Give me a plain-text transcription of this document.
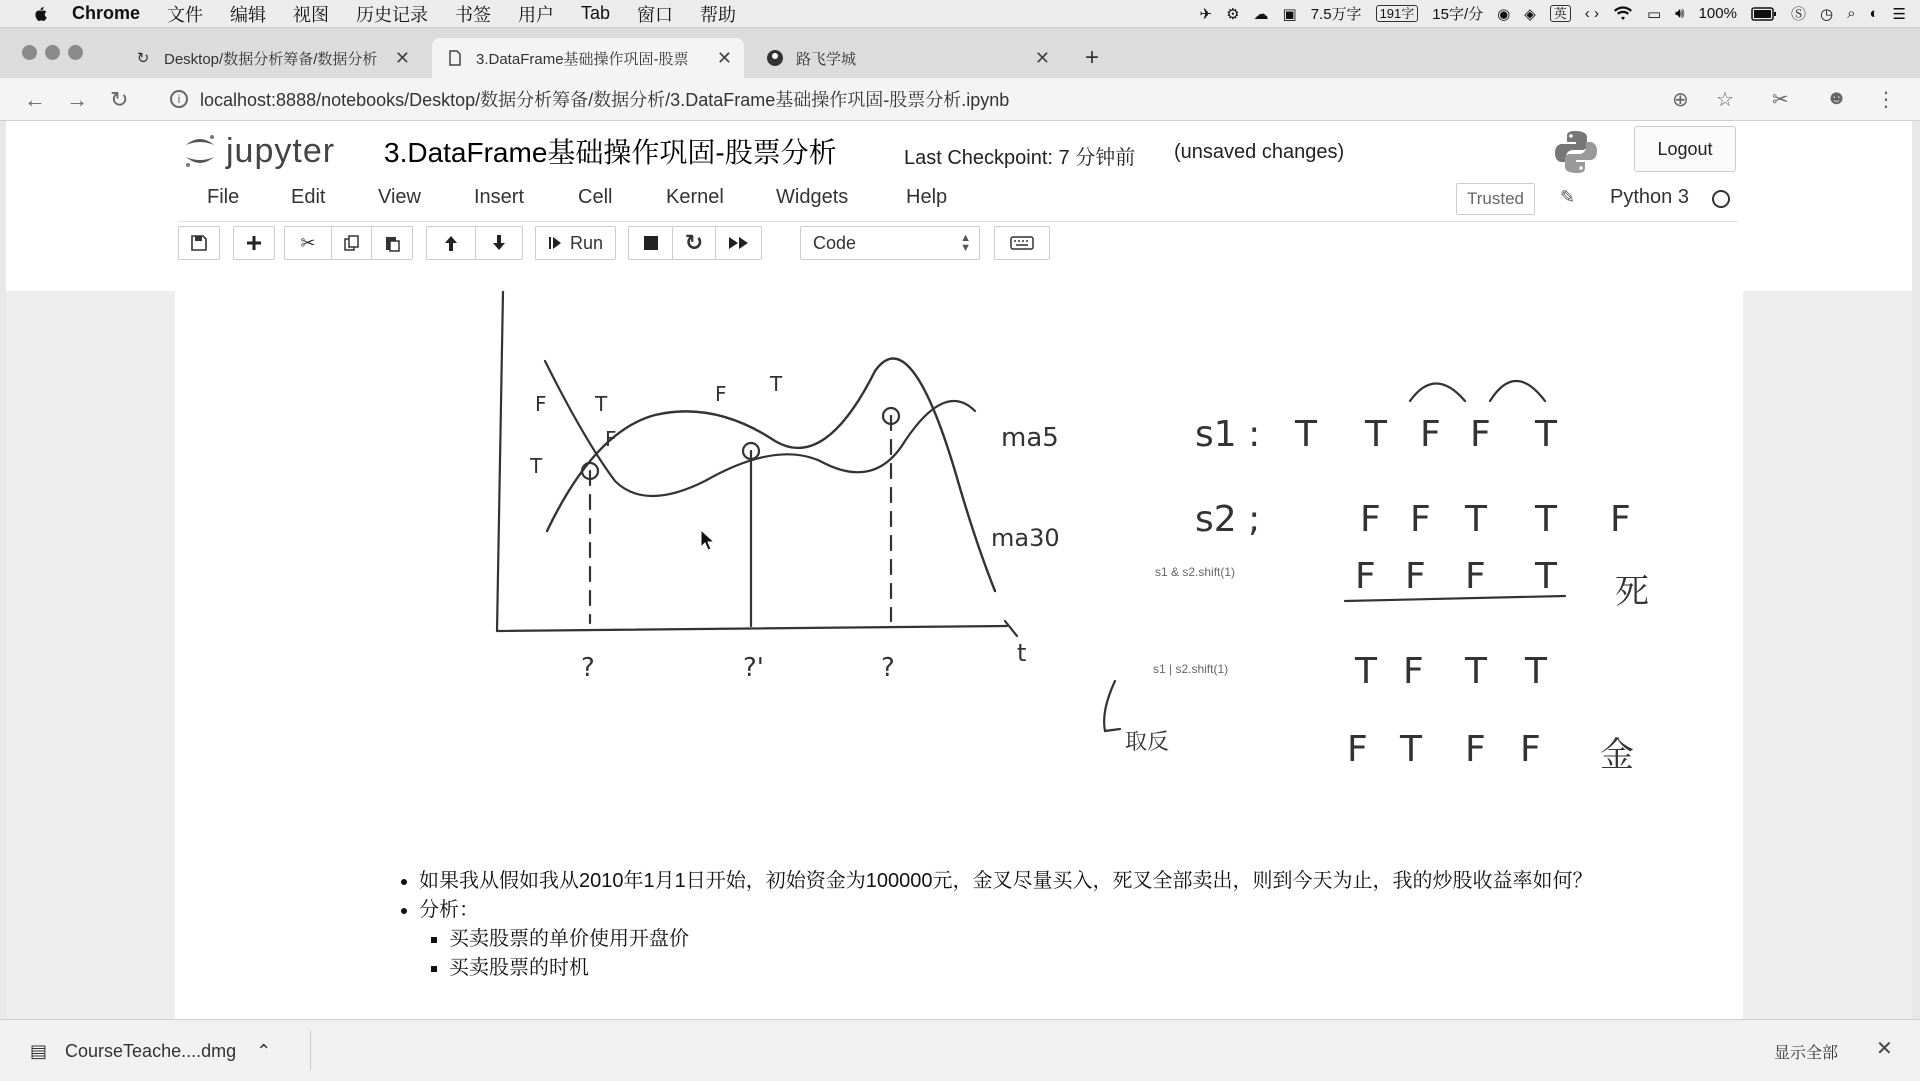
Chrome 文件 编辑 视图 历史记录 书签 用户 Tab 窗口 帮助	✈ ⚙ ☁ ▣ 7.5万字	191字 15字/分 ◉ ◈	英 ‹ ›	▭ 🔊︎ 100%	Ⓢ ◷ ⌕ ◐ ☰
↻ Desktop/数据分析筹备/数据分析 ✕	3.DataFrame基础操作巩固-股票	✕	路飞学城	✕ +
← → ↻	i	localhost:8888/notebooks/Desktop/数据分析筹备/数据分析/3.DataFrame基础操作巩固-股票分析.ipynb	⊕ ☆ ✂ ☻ ⋮
jupyter 3.DataFrame基础操作巩固-股票分析	Last Checkpoint: 7 分钟前 (unsaved changes)	Logout
File	Edit	View	Insert	Cell	Kernel	Widgets	Help	Trusted	✎ Python 3
✂	Run	↻	Code	▲
▼
ma5
ma30
t
?	?'	?
T
F
F T
F T
s1 : T T F F T
s2 ;	F F T T F
s1 & s2.shift(1)	F F F T 死
s1 | s2.shift(1)	T F T T
F T F F 金
取反
• 如果我从假如我从2010年1月1日开始，初始资金为100000元，金叉尽量买入，死叉全部卖出，则到今天为止，我的炒股收益率如何？
• 分析：
▪ 买卖股票的单价使用开盘价
▪ 买卖股票的时机
▤ CourseTeache....dmg ⌃	显示全部 ✕
